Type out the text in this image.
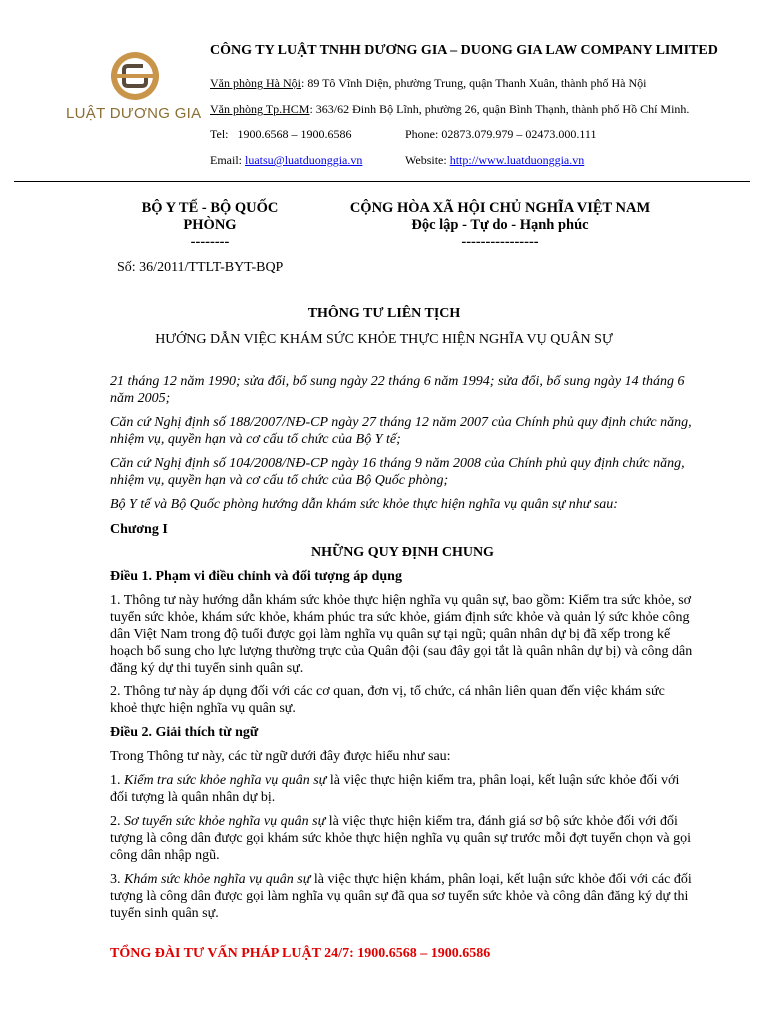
LUẬT DƯƠNG GIA
CÔNG TY LUẬT TNHH DƯƠNG GIA – DUONG GIA LAW COMPANY LIMITED
Văn phòng Hà Nội: 89 Tô Vĩnh Diện, phường Trung, quận Thanh Xuân, thành phố Hà Nội
Văn phòng Tp.HCM: 363/62 Đinh Bộ Lĩnh, phường 26, quận Bình Thạnh, thành phố Hồ Chí Minh.
Tel:   1900.6568 – 1900.6586	Phone: 02873.079.979 – 02473.000.111
Email: luatsu@luatduonggia.vn	Website: http://www.luatduonggia.vn
BỘ Y TẾ - BỘ QUỐC
PHÒNG
--------
CỘNG HÒA XÃ HỘI CHỦ NGHĨA VIỆT NAM
Độc lập - Tự do - Hạnh phúc
----------------
Số: 36/2011/TTLT-BYT-BQP
THÔNG TƯ LIÊN TỊCH
HƯỚNG DẪN VIỆC KHÁM SỨC KHỎE THỰC HIỆN NGHĨA VỤ QUÂN SỰ
21 tháng 12 năm 1990; sửa đổi, bổ sung ngày 22 tháng 6 năm 1994; sửa đổi, bổ sung ngày 14 tháng 6 năm 2005;
Căn cứ Nghị định số 188/2007/NĐ-CP ngày 27 tháng 12 năm 2007 của Chính phủ quy định chức năng, nhiệm vụ, quyền hạn và cơ cấu tổ chức của Bộ Y tế;
Căn cứ Nghị định số 104/2008/NĐ-CP ngày 16 tháng 9 năm 2008 của Chính phủ quy định chức năng, nhiệm vụ, quyền hạn và cơ cấu tổ chức của Bộ Quốc phòng;
Bộ Y tế và Bộ Quốc phòng hướng dẫn khám sức khỏe thực hiện nghĩa vụ quân sự như sau:
Chương I
NHỮNG QUY ĐỊNH CHUNG
Điều 1. Phạm vi điều chỉnh và đối tượng áp dụng
1. Thông tư này hướng dẫn khám sức khỏe thực hiện nghĩa vụ quân sự, bao gồm: Kiểm tra sức khỏe, sơ tuyển sức khỏe, khám sức khỏe, khám phúc tra sức khỏe, giám định sức khỏe và quản lý sức khỏe công dân Việt Nam trong độ tuổi được gọi làm nghĩa vụ quân sự tại ngũ; quân nhân dự bị đã xếp trong kế hoạch bổ sung cho lực lượng thường trực của Quân đội (sau đây gọi tắt là quân nhân dự bị) và công dân đăng ký dự thi tuyển sinh quân sự.
2. Thông tư này áp dụng đối với các cơ quan, đơn vị, tổ chức, cá nhân liên quan đến việc khám sức khoẻ thực hiện nghĩa vụ quân sự.
Điều 2. Giải thích từ ngữ
Trong Thông tư này, các từ ngữ dưới đây được hiểu như sau:
1. Kiểm tra sức khỏe nghĩa vụ quân sự là việc thực hiện kiểm tra, phân loại, kết luận sức khỏe đối với đối tượng là quân nhân dự bị.
2. Sơ tuyển sức khỏe nghĩa vụ quân sự là việc thực hiện kiểm tra, đánh giá sơ bộ sức khỏe đối với đối tượng là công dân được gọi khám sức khỏe thực hiện nghĩa vụ quân sự trước mỗi đợt tuyển chọn và gọi công dân nhập ngũ.
3. Khám sức khỏe nghĩa vụ quân sự là việc thực hiện khám, phân loại, kết luận sức khỏe đối với các đối tượng là công dân được gọi làm nghĩa vụ quân sự đã qua sơ tuyển sức khỏe và công dân đăng ký dự thi tuyển sinh quân sự.
TỔNG ĐÀI TƯ VẤN PHÁP LUẬT 24/7: 1900.6568 – 1900.6586
